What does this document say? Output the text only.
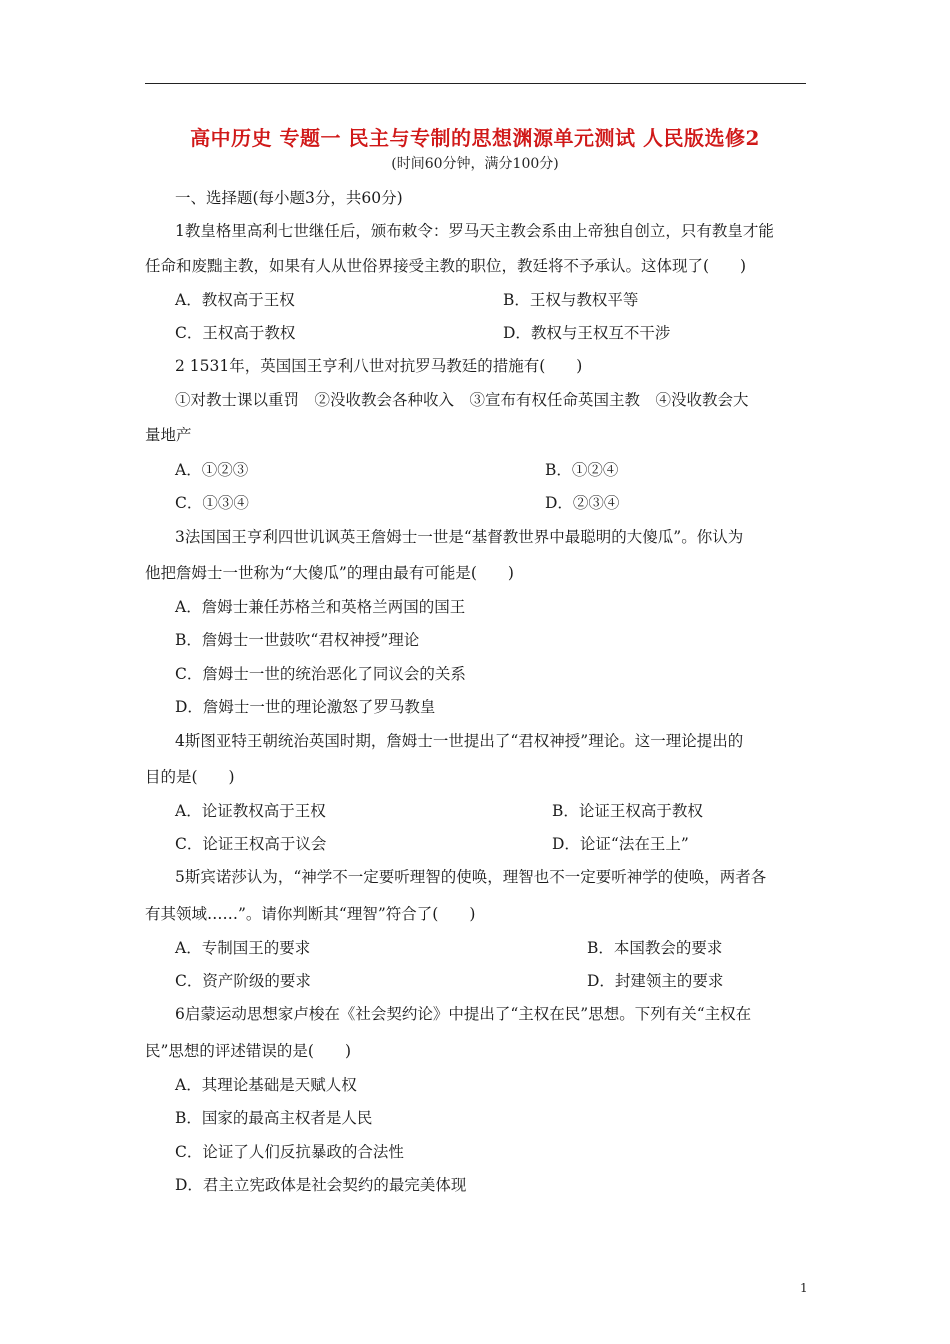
高中历史 专题一 民主与专制的思想渊源单元测试 人民版选修2
(时间60分钟，满分100分)
一、选择题(每小题3分，共60分)
1教皇格里高利七世继任后，颁布敕令：罗马天主教会系由上帝独自创立，只有教皇才能
任命和废黜主教，如果有人从世俗界接受主教的职位，教廷将不予承认。这体现了(　　)
A．教权高于王权	B．王权与教权平等
C．王权高于教权	D．教权与王权互不干涉
2 1531年，英国国王亨利八世对抗罗马教廷的措施有(　　)
①对教士课以重罚　②没收教会各种收入　③宣布有权任命英国主教　④没收教会大
量地产
A．①②③	B．①②④
C．①③④	D．②③④
3法国国王亨利四世讥讽英王詹姆士一世是“基督教世界中最聪明的大傻瓜”。你认为
他把詹姆士一世称为“大傻瓜”的理由最有可能是(　　)
A．詹姆士兼任苏格兰和英格兰两国的国王
B．詹姆士一世鼓吹“君权神授”理论
C．詹姆士一世的统治恶化了同议会的关系
D．詹姆士一世的理论激怒了罗马教皇
4斯图亚特王朝统治英国时期，詹姆士一世提出了“君权神授”理论。这一理论提出的
目的是(　　)
A．论证教权高于王权	B．论证王权高于教权
C．论证王权高于议会	D．论证“法在王上”
5斯宾诺莎认为，“神学不一定要听理智的使唤，理智也不一定要听神学的使唤，两者各
有其领域……”。请你判断其“理智”符合了(　　)
A．专制国王的要求	B．本国教会的要求
C．资产阶级的要求	D．封建领主的要求
6启蒙运动思想家卢梭在《社会契约论》中提出了“主权在民”思想。下列有关“主权在
民”思想的评述错误的是(　　)
A．其理论基础是天赋人权
B．国家的最高主权者是人民
C．论证了人们反抗暴政的合法性
D．君主立宪政体是社会契约的最完美体现
1
